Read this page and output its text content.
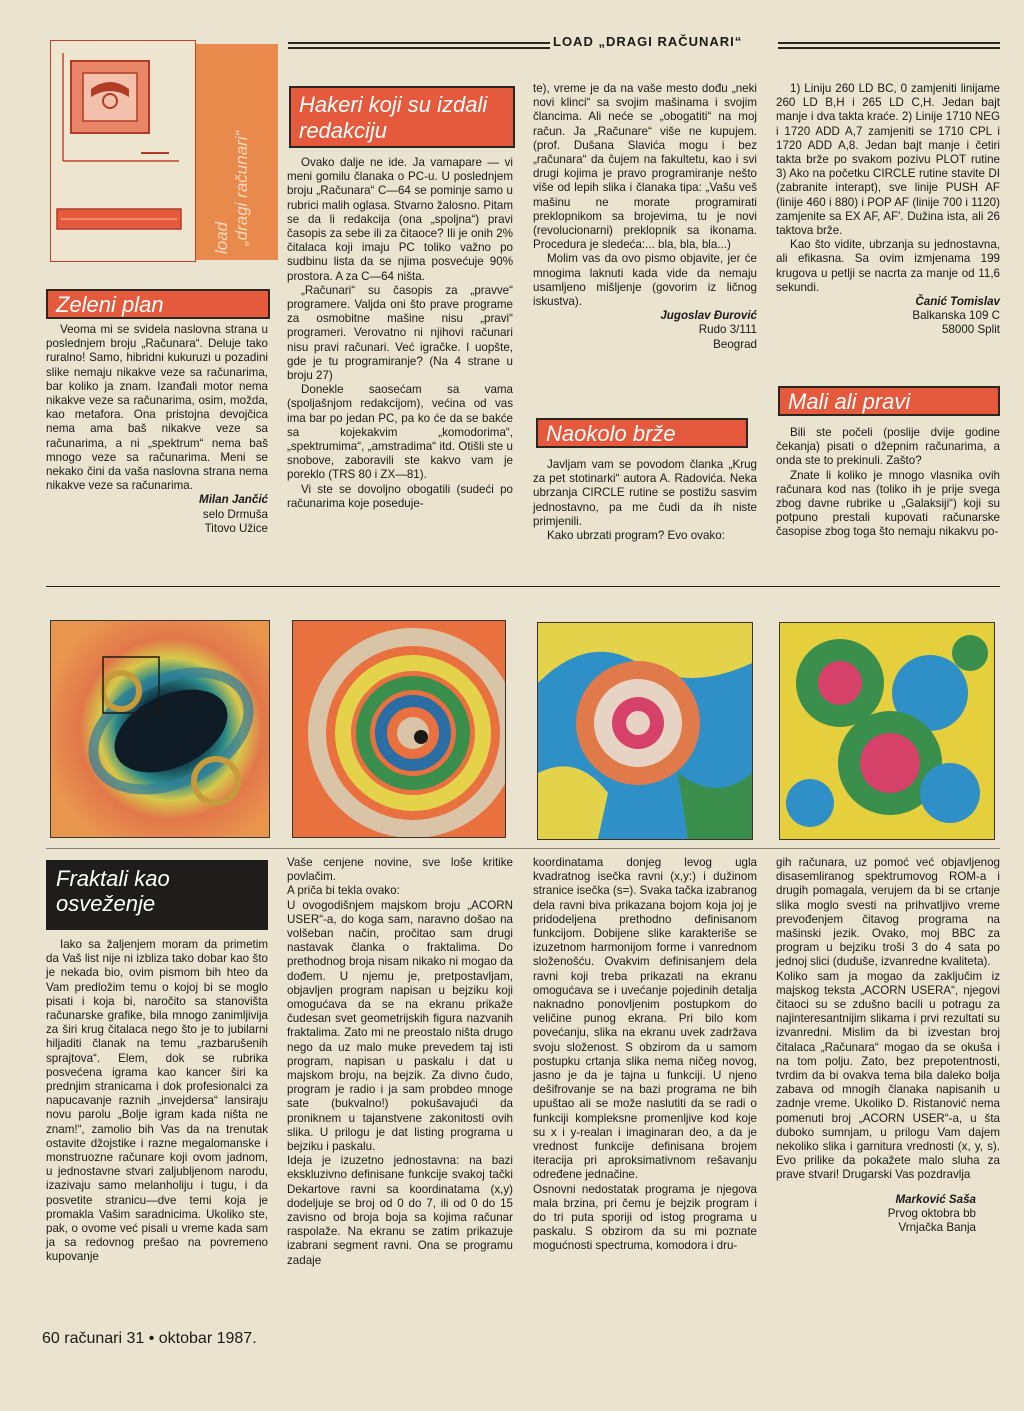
LOAD „DRAGI RAČUNARI“
load „dragi računari“
Zeleni plan

Veoma mi se svidela naslovna strana u poslednjem broju „Računara“. Deluje tako ruralno! Samo, hibridni kukuruzi u pozadini slike nemaju nikakve veze sa računarima, bar koliko ja znam. Izanđali motor nema nikakve veze sa računarima, osim, možda, kao metafora. Ona pristojna devojčica nema ama baš nikakve veze sa računarima, a ni „spektrum“ nema baš mnogo veze sa računarima. Meni se nekako čini da vaša naslovna strana nema nikakve veze sa računarima.

Milan Jančić
selo Drmuša
Titovo Užice
Hakeri koji su izdali redakciju

Ovako dalje ne ide. Ja vamapare — vi meni gomilu članaka o PC-u. U poslednjem broju „Računara“ C—64 se pominje samo u rubrici malih oglasa. Stvarno žalosno. Pitam se da li redakcija (ona „spoljna“) pravi časopis za sebe ili za čitaoce? Ili je onih 2% čitalaca koji imaju PC toliko važno po sudbinu lista da se njima posvećuje 90% prostora. A za C—64 ništa.

„Računari“ su časopis za „pravve“ programere. Valjda oni što prave programe za osmobitne mašine nisu „pravi“ programeri. Verovatno ni njihovi računari nisu pravi računari. Već igračke. I uopšte, gde je tu programiranje? (Na 4 strane u broju 27)

Donekle saosećam sa vama (spoljašnjom redakcijom), većina od vas ima bar po jedan PC, pa ko će da se bakće sa kojekakvim „komodorima“, „spektrumima“, „amstradima“ itd. Otišli ste u snobove, zaboravili ste kakvo vam je poreklo (TRS 80 i ZX—81).

Vi ste se dovoljno obogatili (sudeći po računarima koje poseduje-

te), vreme je da na vaše mesto dođu „neki novi klinci“ sa svojim mašinama i svojim člancima. Ali neće se „obogatiti“ na moj račun. Ja „Računare“ više ne kupujem. (prof. Dušana Slavića mogu i bez „računara“ da čujem na fakultetu, kao i svi drugi kojima je pravo programiranje nešto više od lepih slika i članaka tipa: „Vašu veš mašinu ne morate programirati preklopnikom sa brojevima, tu je novi (revolucionarni) preklopnik sa ikonama. Procedura je sledeća:... bla, bla, bla...)

Molim vas da ovo pismo objavite, jer će mnogima laknuti kada vide da nemaju usamljeno mišljenje (govorim iz ličnog iskustva).

Jugoslav Đurović
Rudo 3/111
Beograd
Naokolo brže

Javljam vam se povodom članka „Krug za pet stotinarki“ autora A. Radovića. Neka ubrzanja CIRCLE rutine se postižu sasvim jednostavno, pa me čudi da ih niste primjenili.

Kako ubrzati program? Evo ovako:

1) Liniju 260 LD BC, 0 zamjeniti linijame 260 LD B,H i 265 LD C,H. Jedan bajt manje i dva takta kraće. 2) Linije 1710 NEG i 1720 ADD A,7 zamjeniti se 1710 CPL i 1720 ADD A,8. Jedan bajt manje i četiri takta brže po svakom pozivu PLOT rutine 3) Ako na početku CIRCLE rutine stavite DI (zabranite interapt), sve linije PUSH AF (linije 460 i 880) i POP AF (linije 700 i 1120) zamjenite sa EX AF, AF'. Dužina ista, ali 26 taktova brže.

Kao što vidite, ubrzanja su jednostavna, ali efikasna. Sa ovim izmjenama 199 krugova u petlji se nacrta za manje od 11,6 sekundi.

Čanić Tomislav
Balkanska 109 C
58000 Split
Mali ali pravi

Bili ste počeli (poslije dvije godine čekanja) pisati o džepnim računarima, a onda ste to prekinuli. Zašto?

Znate li koliko je mnogo vlasnika ovih računara kod nas (toliko ih je prije svega zbog davne rubrike u „Galaksiji“) koji su potpuno prestali kupovati računarske časopise zbog toga što nemaju nikakvu po-

Fraktali kao osveženje

Iako sa žaljenjem moram da primetim da Vaš list nije ni izbliza tako dobar kao što je nekada bio, ovim pismom bih hteo da Vam predložim temu o kojoj bi se moglo pisati i koja bi, naročito sa stanovišta računarske grafike, bila mnogo zanimljivija za širi krug čitalaca nego što je to jubilarni hiljaditi članak na temu „razbarušenih sprajtova“. Elem, dok se rubrika posvećena igrama kao kancer širi ka prednjim stranicama i dok profesionalci za napucavanje raznih „invejdersa“ lansiraju novu parolu „Bolje igram kada ništa ne znam!“, zamolio bih Vas da na trenutak ostavite džojstike i razne megalomanske i monstruozne računare koji ovom jadnom, u jednostavne stvari zaljubljenom narodu, izazivaju samo melanholiju i tugu, i da posvetite stranicu—dve temi koja je promakla Vašim saradnicima. Ukoliko ste, pak, o ovome već pisali u vreme kada sam ja sa redovnog prešao na povremeno kupovanje

Vaše cenjene novine, sve loše kritike povlačim.
A priča bi tekla ovako:
U ovogodišnjem majskom broju „ACORN USER“-a, do koga sam, naravno došao na volšeban način, pročitao sam drugi nastavak članka o fraktalima. Do prethodnog broja nisam nikako ni mogao da dođem. U njemu je, pretpostavljam, objavljen program napisan u bejziku koji omogućava da se na ekranu prikaže čudesan svet geometrijskih figura nazvanih fraktalima. Zato mi ne preostalo ništa drugo nego da uz malo muke prevedem taj isti program, napisan u paskalu i dat u majskom broju, na bejzik. Za divno čudo, program je radio i ja sam probdeo mnoge sate (bukvalno!) pokušavajući da proniknem u tajanstvene zakonitosti ovih slika. U prilogu je dat listing programa u bejziku i paskalu.
Ideja je izuzetno jednostavna: na bazi ekskluzivno definisane funkcije svakoj tački Dekartove ravni sa koordinatama (x,y) dodeljuje se broj od 0 do 7, ili od 0 do 15 zavisno od broja boja sa kojima računar raspolaže. Na ekranu se zatim prikazuje izabrani segment ravni. Ona se programu zadaje

koordinatama donjeg levog ugla kvadratnog isečka ravni (x,y:) i dužinom stranice isečka (s=). Svaka tačka izabranog dela ravni biva prikazana bojom koja joj je pridodeljena prethodno definisanom funkcijom. Dobijene slike karakteriše se izuzetnom harmonijom forme i vanrednom složenošću. Ovakvim definisanjem dela ravni koji treba prikazati na ekranu omogućava se i uvećanje pojedinih detalja naknadno ponovljenim postupkom do veličine punog ekrana. Pri bilo kom povećanju, slika na ekranu uvek zadržava svoju složenost. S obzirom da u samom postupku crtanja slika nema ničeg novog, jasno je da je tajna u funkciji. U njeno dešifrovanje se na bazi programa ne bih upuštao ali se može naslutiti da se radi o funkciji kompleksne promenljive kod koje su x i y-realan i imaginaran deo, a da je vrednost funkcije definisana brojem iteracija pri aproksimativnom rešavanju određene jednačine.
Osnovni nedostatak programa je njegova mala brzina, pri čemu je bejzik program i do tri puta sporiji od istog programa u paskalu. S obzirom da su mi poznate mogućnosti spectruma, komodora i dru-

gih računara, uz pomoć već objavljenog disasemliranog spektrumovog ROM-a i drugih pomagala, verujem da bi se crtanje slika moglo svesti na prihvatljivo vreme prevođenjem čitavog programa na mašinski jezik. Ovako, moj BBC za program u bejziku troši 3 do 4 sata po jednoj slici (duduše, izvanredne kvaliteta).
Koliko sam ja mogao da zaključim iz majskog teksta „ACORN USERA“, njegovi čitaoci su se zdušno bacili u potragu za najinteresantnijim slikama i prvi rezultati su izvanredni. Mislim da bi izvestan broj čitalaca „Računara“ mogao da se okuša i na tom polju. Zato, bez prepotentnosti, tvrdim da bi ovakva tema bila daleko bolja zabava od mnogih članaka napisanih u zadnje vreme. Ukoliko D. Ristanović nema pomenuti broj „ACORN USER“-a, u šta duboko sumnjam, u prilogu Vam dajem nekoliko slika i garnitura vrednosti (x, y, s). Evo prilike da pokažete malo sluha za prave stvari! Drugarski Vas pozdravlja

Marković Saša
Prvog oktobra bb
Vrnjačka Banja
60 računari 31 • oktobar 1987.
